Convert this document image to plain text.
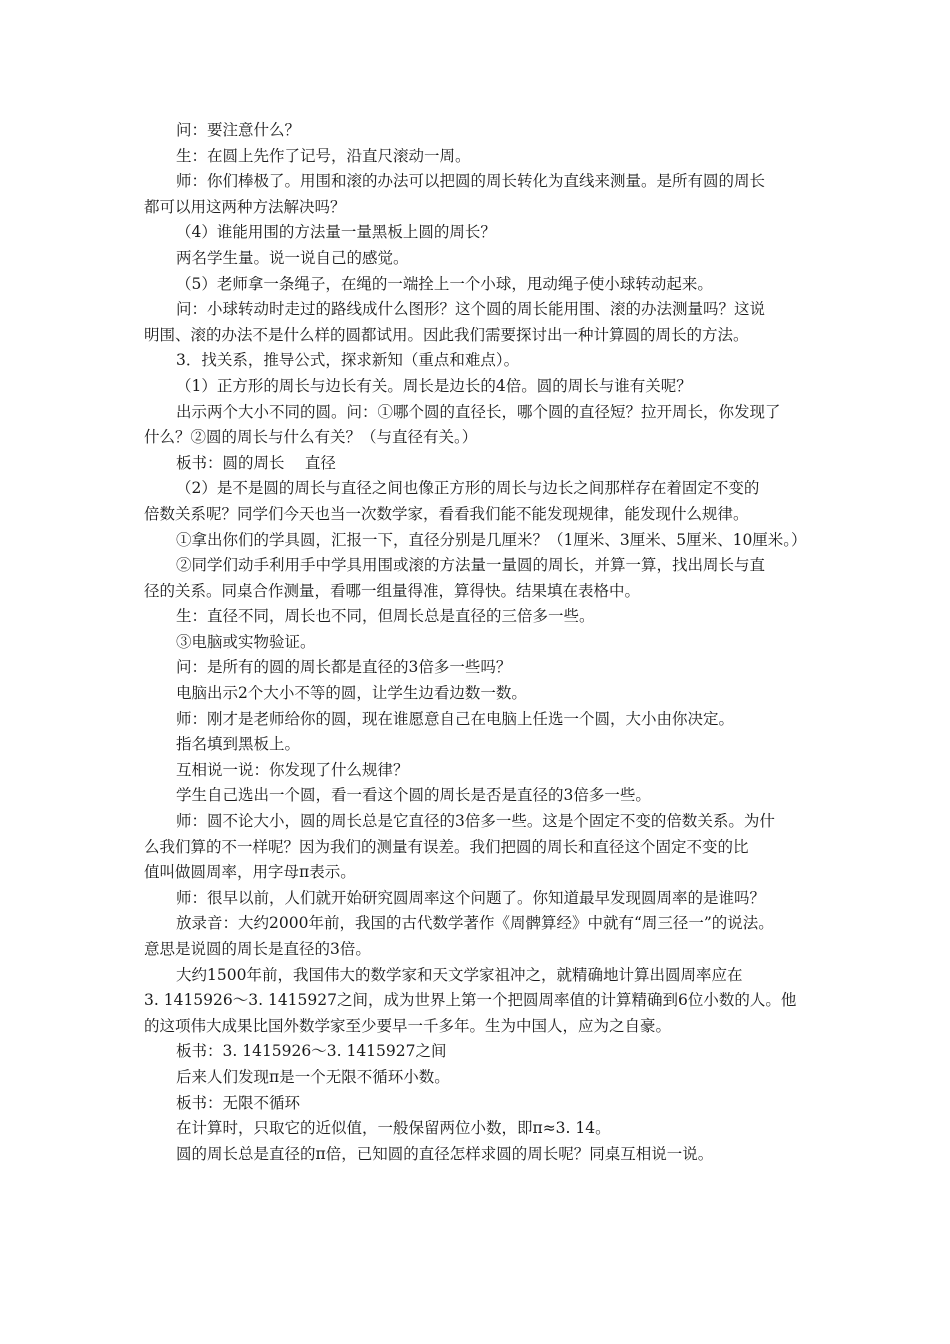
问：要注意什么？

生：在圆上先作了记号，沿直尺滚动一周。

师：你们棒极了。用围和滚的办法可以把圆的周长转化为直线来测量。是所有圆的周长
都可以用这两种方法解决吗？

（4）谁能用围的方法量一量黑板上圆的周长？

两名学生量。说一说自己的感觉。

（5）老师拿一条绳子，在绳的一端拴上一个小球，甩动绳子使小球转动起来。

问：小球转动时走过的路线成什么图形？这个圆的周长能用围、滚的办法测量吗？这说
明围、滚的办法不是什么样的圆都试用。因此我们需要探讨出一种计算圆的周长的方法。

3．找关系，推导公式，探求新知（重点和难点）。

（1）正方形的周长与边长有关。周长是边长的4倍。圆的周长与谁有关呢？

出示两个大小不同的圆。问：①哪个圆的直径长，哪个圆的直径短？拉开周长，你发现了
什么？②圆的周长与什么有关？（与直径有关。）

板书：圆的周长　 直径

（2）是不是圆的周长与直径之间也像正方形的周长与边长之间那样存在着固定不变的
倍数关系呢？同学们今天也当一次数学家，看看我们能不能发现规律，能发现什么规律。

①拿出你们的学具圆，汇报一下，直径分别是几厘米？（1厘米、3厘米、5厘米、10厘米。）

②同学们动手利用手中学具用围或滚的方法量一量圆的周长，并算一算，找出周长与直
径的关系。同桌合作测量，看哪一组量得准，算得快。结果填在表格中。

生：直径不同，周长也不同，但周长总是直径的三倍多一些。

③电脑或实物验证。

问：是所有的圆的周长都是直径的3倍多一些吗？

电脑出示2个大小不等的圆，让学生边看边数一数。

师：刚才是老师给你的圆，现在谁愿意自己在电脑上任选一个圆，大小由你决定。

指名填到黑板上。

互相说一说：你发现了什么规律？

学生自己选出一个圆，看一看这个圆的周长是否是直径的3倍多一些。

师：圆不论大小，圆的周长总是它直径的3倍多一些。这是个固定不变的倍数关系。为什
么我们算的不一样呢？因为我们的测量有误差。我们把圆的周长和直径这个固定不变的比
值叫做圆周率，用字母π表示。

师：很早以前，人们就开始研究圆周率这个问题了。你知道最早发现圆周率的是谁吗？

放录音：大约2000年前，我国的古代数学著作《周髀算经》中就有“周三径一”的说法。
意思是说圆的周长是直径的3倍。

大约1500年前，我国伟大的数学家和天文学家祖冲之，就精确地计算出圆周率应在
3. 1415926～3. 1415927之间，成为世界上第一个把圆周率值的计算精确到6位小数的人。他
的这项伟大成果比国外数学家至少要早一千多年。生为中国人，应为之自豪。

板书：3. 1415926～3. 1415927之间

后来人们发现π是一个无限不循环小数。

板书：无限不循环

在计算时，只取它的近似值，一般保留两位小数，即π≈3. 14。

圆的周长总是直径的π倍，已知圆的直径怎样求圆的周长呢？同桌互相说一说。
